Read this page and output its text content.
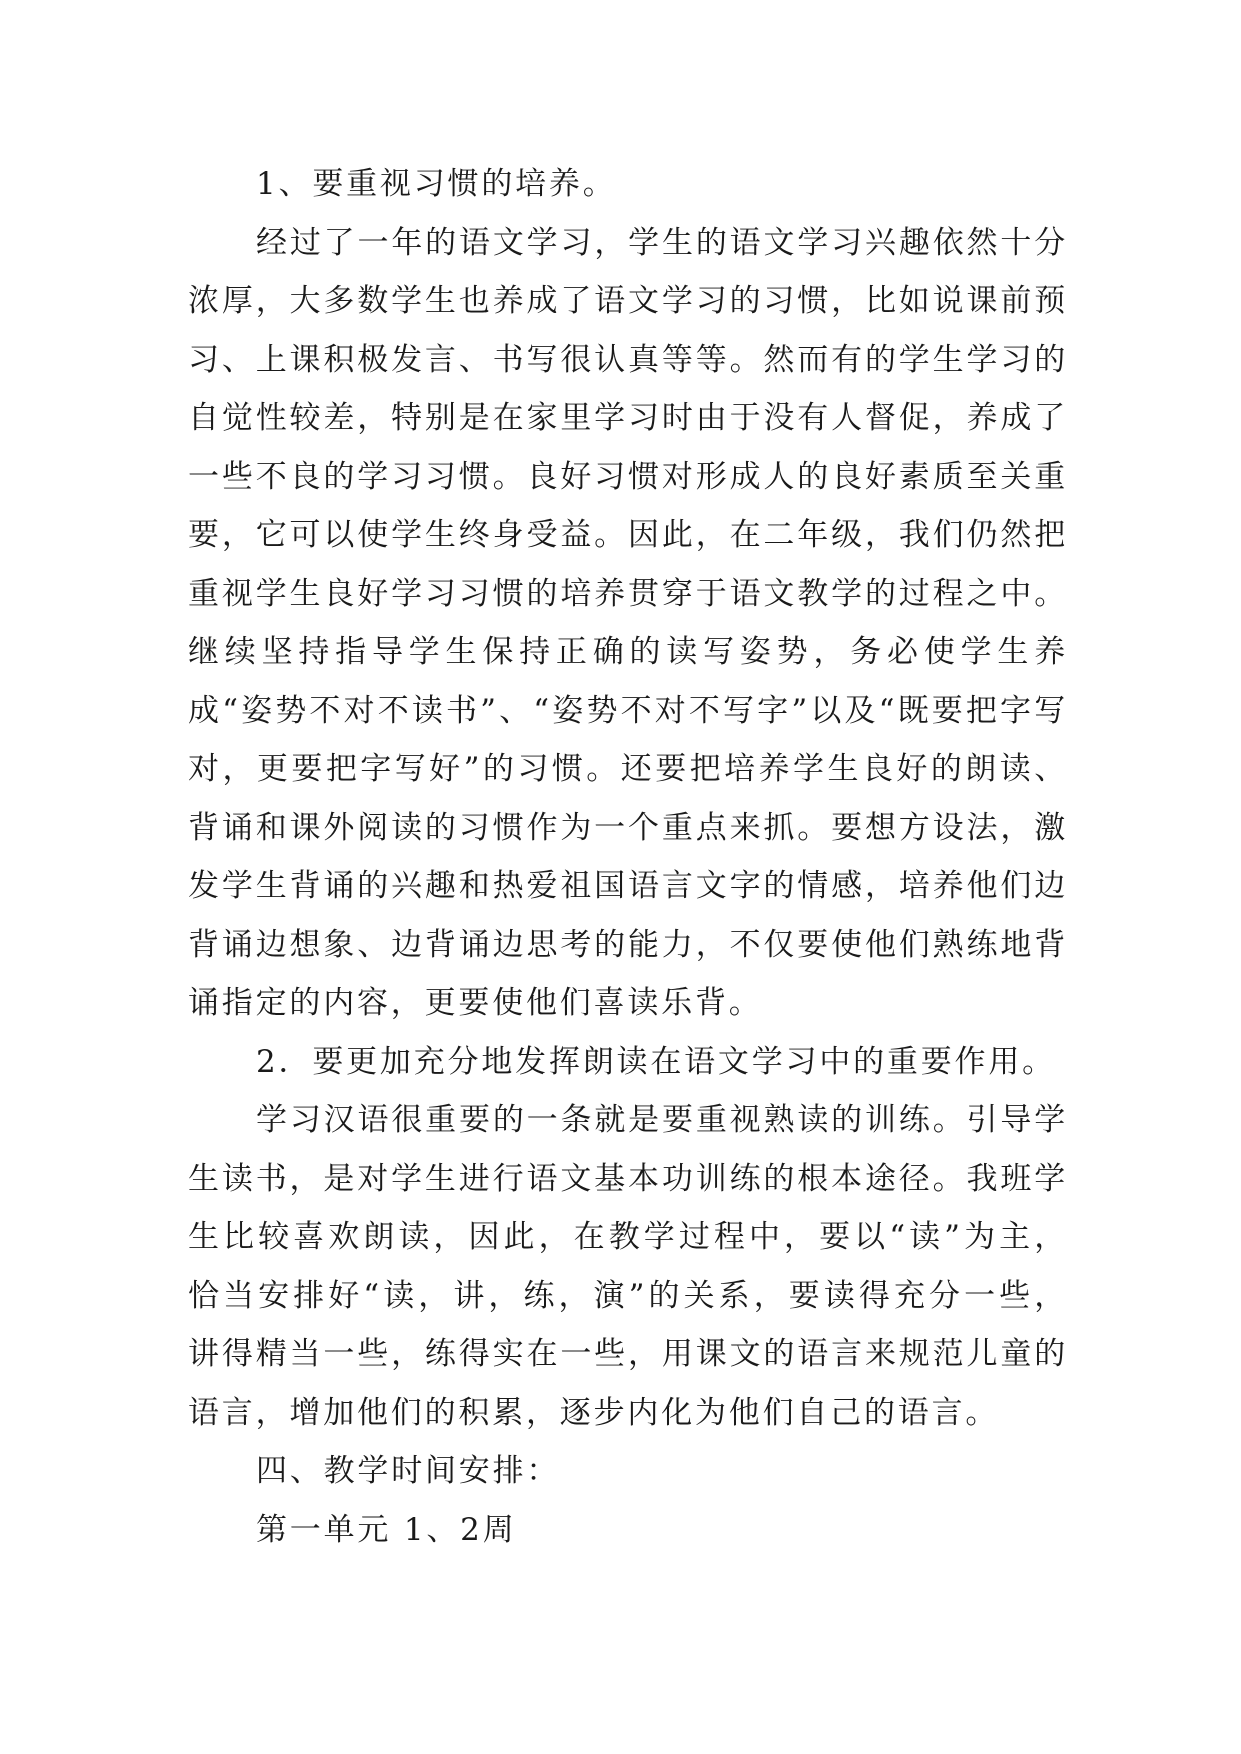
1、要重视习惯的培养。

经过了一年的语文学习，学生的语文学习兴趣依然十分浓厚，大多数学生也养成了语文学习的习惯，比如说课前预习、上课积极发言、书写很认真等等。然而有的学生学习的自觉性较差，特别是在家里学习时由于没有人督促，养成了一些不良的学习习惯。良好习惯对形成人的良好素质至关重要，它可以使学生终身受益。因此，在二年级，我们仍然把重视学生良好学习习惯的培养贯穿于语文教学的过程之中。继续坚持指导学生保持正确的读写姿势，务必使学生养成“姿势不对不读书”、“姿势不对不写字”以及“既要把字写对，更要把字写好”的习惯。还要把培养学生良好的朗读、背诵和课外阅读的习惯作为一个重点来抓。要想方设法，激发学生背诵的兴趣和热爱祖国语言文字的情感，培养他们边背诵边想象、边背诵边思考的能力，不仅要使他们熟练地背诵指定的内容，更要使他们喜读乐背。

2．要更加充分地发挥朗读在语文学习中的重要作用。

学习汉语很重要的一条就是要重视熟读的训练。引导学生读书，是对学生进行语文基本功训练的根本途径。我班学生比较喜欢朗读，因此，在教学过程中，要以“读”为主，恰当安排好“读，讲，练，演”的关系，要读得充分一些，讲得精当一些，练得实在一些，用课文的语言来规范儿童的语言，增加他们的积累，逐步内化为他们自己的语言。

四、教学时间安排：

第一单元 1、2周
